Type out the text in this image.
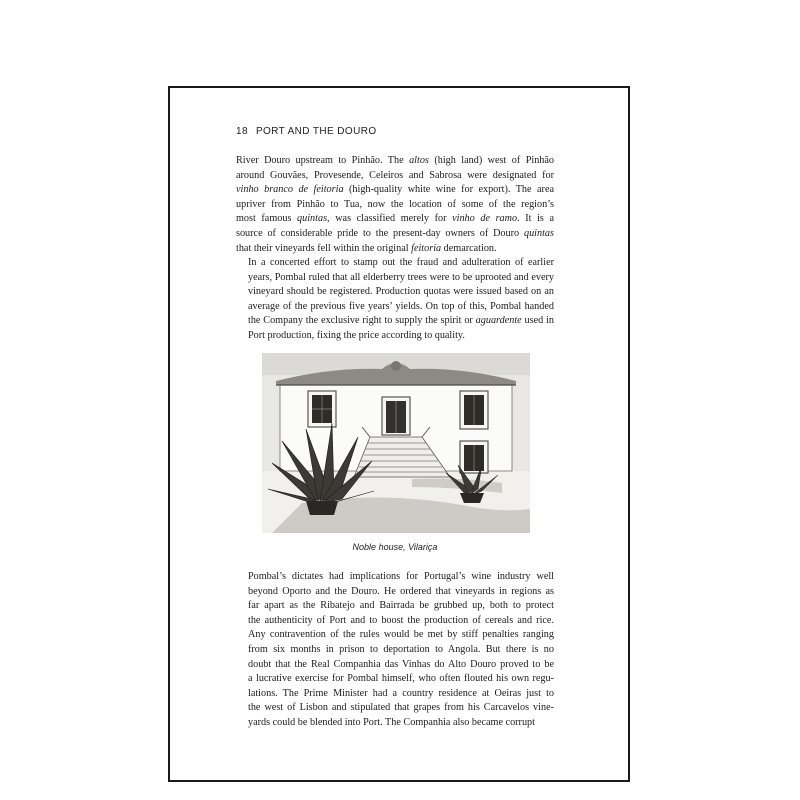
18 PORT AND THE DOURO

River Douro upstream to Pinhão. The altos (high land) west of Pinhão
around Gouvães, Provesende, Celeiros and Sabrosa were designated for
vinho branco de feitoria (high-quality white wine for export). The area
upriver from Pinhão to Tua, now the location of some of the region’s
most famous quintas, was classified merely for vinho de ramo. It is a
source of considerable pride to the present-day owners of Douro quintas
that their vineyards fell within the original feitoria demarcation.

In a concerted effort to stamp out the fraud and adulteration of earlier
years, Pombal ruled that all elderberry trees were to be uprooted and every
vineyard should be registered. Production quotas were issued based on an
average of the previous five years’ yields. On top of this, Pombal handed
the Company the exclusive right to supply the spirit or aguardente used in
Port production, fixing the price according to quality.

Noble house, Vilariça

Pombal’s dictates had implications for Portugal’s wine industry well
beyond Oporto and the Douro. He ordered that vineyards in regions as
far apart as the Ribatejo and Bairrada be grubbed up, both to protect
the authenticity of Port and to boost the production of cereals and rice.
Any contravention of the rules would be met by stiff penalties ranging
from six months in prison to deportation to Angola. But there is no
doubt that the Real Companhia das Vinhas do Alto Douro proved to be
a lucrative exercise for Pombal himself, who often flouted his own regu-
lations. The Prime Minister had a country residence at Oeiras just to
the west of Lisbon and stipulated that grapes from his Carcavelos vine-
yards could be blended into Port. The Companhia also became corrupt
